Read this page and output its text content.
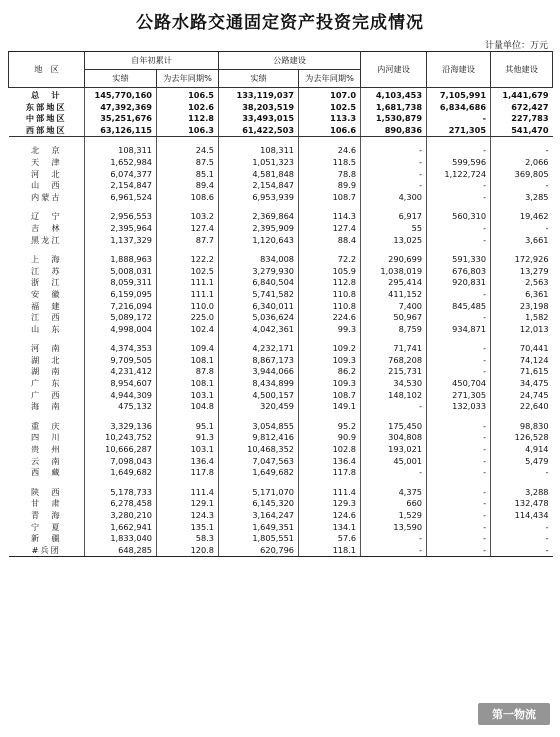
公路水路交通固定资产投资完成情况
计量单位：万元
地　区	自年初累计		公路建设		内河建设	沿海建设	其他建设
	实绩	为去年同期%	实绩	为去年同期%			
总　计	145,770,160	106.5	133,119,037	107.0	4,103,453	7,105,991	1,441,679
东部地区	47,392,369	102.6	38,203,519	102.5	1,681,738	6,834,686	672,427
中部地区	35,251,676	112.8	33,493,015	113.3	1,530,879	-	227,783
西部地区	63,126,115	106.3	61,422,503	106.6	890,836	271,305	541,470

北　京	108,311	24.5	108,311	24.6	-	-	-
天　津	1,652,984	87.5	1,051,323	118.5	-	599,596	2,066
河　北	6,074,377	85.1	4,581,848	78.8	-	1,122,724	369,805
山　西	2,154,847	89.4	2,154,847	89.9	-	-	-
内蒙古	6,961,524	108.6	6,953,939	108.7	4,300	-	3,285

辽　宁	2,956,553	103.2	2,369,864	114.3	6,917	560,310	19,462
吉　林	2,395,964	127.4	2,395,909	127.4	55	-	-
黑龙江	1,137,329	87.7	1,120,643	88.4	13,025	-	3,661

上　海	1,888,963	122.2	834,008	72.2	290,699	591,330	172,926
江　苏	5,008,031	102.5	3,279,930	105.9	1,038,019	676,803	13,279
浙　江	8,059,311	111.1	6,840,504	112.8	295,414	920,831	2,563
安　徽	6,159,095	111.1	5,741,582	110.8	411,152	-	6,361
福　建	7,216,094	110.0	6,340,011	110.8	7,400	845,485	23,198
江　西	5,089,172	225.0	5,036,624	224.6	50,967	-	1,582
山　东	4,998,004	102.4	4,042,361	99.3	8,759	934,871	12,013

河　南	4,374,353	109.4	4,232,171	109.2	71,741	-	70,441
湖　北	9,709,505	108.1	8,867,173	109.3	768,208	-	74,124
湖　南	4,231,412	87.8	3,944,066	86.2	215,731	-	71,615
广　东	8,954,607	108.1	8,434,899	109.3	34,530	450,704	34,475
广　西	4,944,309	103.1	4,500,157	108.7	148,102	271,305	24,745
海　南	475,132	104.8	320,459	149.1	-	132,033	22,640

重　庆	3,329,136	95.1	3,054,855	95.2	175,450	-	98,830
四　川	10,243,752	91.3	9,812,416	90.9	304,808	-	126,528
贵　州	10,666,287	103.1	10,468,352	102.8	193,021	-	4,914
云　南	7,098,043	136.4	7,047,563	136.4	45,001	-	5,479
西　藏	1,649,682	117.8	1,649,682	117.8	-	-	-

陕　西	5,178,733	111.4	5,171,070	111.4	4,375	-	3,288
甘　肃	6,278,458	129.1	6,145,320	129.3	660	-	132,478
青　海	3,280,210	124.3	3,164,247	124.6	1,529	-	114,434
宁　夏	1,662,941	135.1	1,649,351	134.1	13,590	-	-
新　疆	1,833,040	58.3	1,805,551	57.6	-	-	-
#兵团	648,285	120.8	620,796	118.1	-	-	-
第一物流
